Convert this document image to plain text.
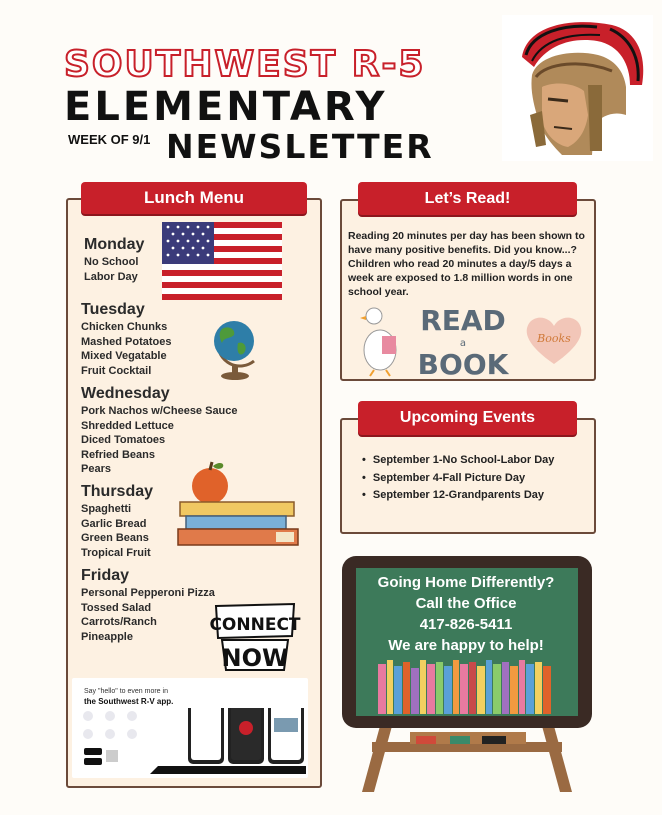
SOUTHWEST R-5
ELEMENTARY
WEEK OF 9/1 NEWSLETTER
Lunch Menu
Monday
No School
Labor Day
Tuesday
Chicken Chunks
Mashed Potatoes
Mixed Vegatable
Fruit Cocktail
Wednesday
Pork Nachos w/Cheese Sauce
Shredded Lettuce
Diced Tomatoes
Refried Beans
Pears
Thursday
Spaghetti
Garlic Bread
Green Beans
Tropical Fruit
Friday
Personal Pepperoni Pizza
Tossed Salad
Carrots/Ranch
Pineapple
CONNECT
NOW
Say "hello" to even more in
the Southwest R-V app.
Let’s Read!
Reading 20 minutes per day has been shown to have many positive benefits. Did you know...? Children who read 20 minutes a day/5 days a week are exposed to 1.8 million words in one school year.
READ
a
BOOK
Books
Upcoming Events
• September 1-No School-Labor Day
• September 4-Fall Picture Day
• September 12-Grandparents Day
Going Home Differently?
Call the Office
417-826-5411
We are happy to help!
